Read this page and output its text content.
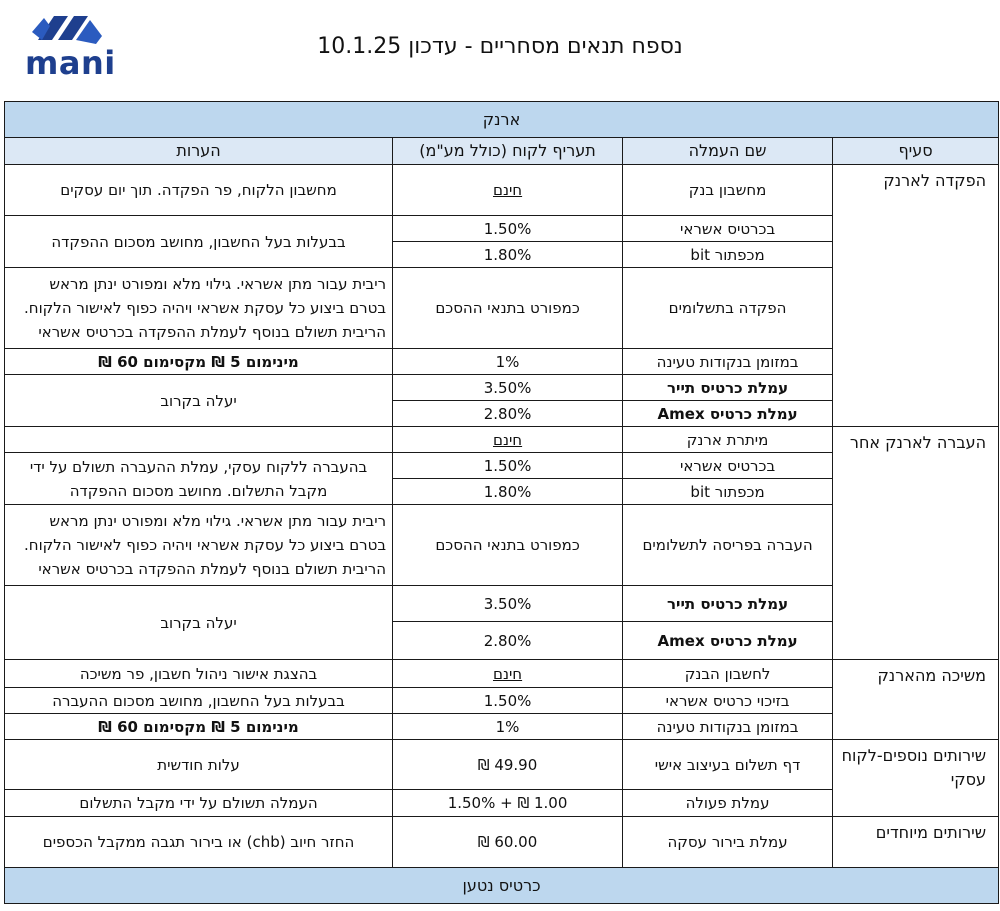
mani	נספח תנאים מסחריים - עדכון 10.1.25
ארנק			
סעיף	שם העמלה	תעריף לקוח (כולל מע"מ)	הערות
הפקדה לארנק	מחשבון בנק	חינם	מחשבון הלקוח, פר הפקדה. תוך יום עסקים
	בכרטיס אשראי	1.50%	בבעלות בעל החשבון, מחושב מסכום ההפקדה
	מכפתור bit	1.80%	
	הפקדה בתשלומים	כמפורט בתנאי ההסכם	ריבית עבור מתן אשראי. גילוי מלא ומפורט ינתן מראש בטרם ביצוע כל עסקת אשראי ויהיה כפוף לאישור הלקוח. הריבית תשולם בנוסף לעמלת ההפקדה בכרטיס אשראי
	במזומן בנקודות טעינה	1%	מינימום 5 ₪ מקסימום 60 ₪
	עמלת כרטיס תייר	3.50%	יעלה בקרוב
	עמלת כרטיס Amex	2.80%	
העברה לארנק אחר	מיתרת ארנק	חינם	
	בכרטיס אשראי	1.50%	בהעברה ללקוח עסקי, עמלת ההעברה תשולם על ידי מקבל התשלום. מחושב מסכום ההפקדה
	מכפתור bit	1.80%	
	העברה בפריסה לתשלומים	כמפורט בתנאי ההסכם	ריבית עבור מתן אשראי. גילוי מלא ומפורט ינתן מראש בטרם ביצוע כל עסקת אשראי ויהיה כפוף לאישור הלקוח. הריבית תשולם בנוסף לעמלת ההפקדה בכרטיס אשראי
	עמלת כרטיס תייר	3.50%	יעלה בקרוב
	עמלת כרטיס Amex	2.80%	
משיכה מהארנק	לחשבון הבנק	חינם	בהצגת אישור ניהול חשבון, פר משיכה
	בזיכוי כרטיס אשראי	1.50%	בבעלות בעל החשבון, מחושב מסכום ההעברה
	במזומן בנקודות טעינה	1%	מינימום 5 ₪ מקסימום 60 ₪
שירותים נוספים-לקוח עסקי	דף תשלום בעיצוב אישי	49.90 ₪	עלות חודשית
	עמלת פעולה	1.00 ₪ + 1.50%	העמלה תשולם על ידי מקבל התשלום
שירותים מיוחדים	עמלת בירור עסקה	60.00 ₪	החזר חיוב (chb) או בירור תגבה ממקבל הכספים
כרטיס נטען			
